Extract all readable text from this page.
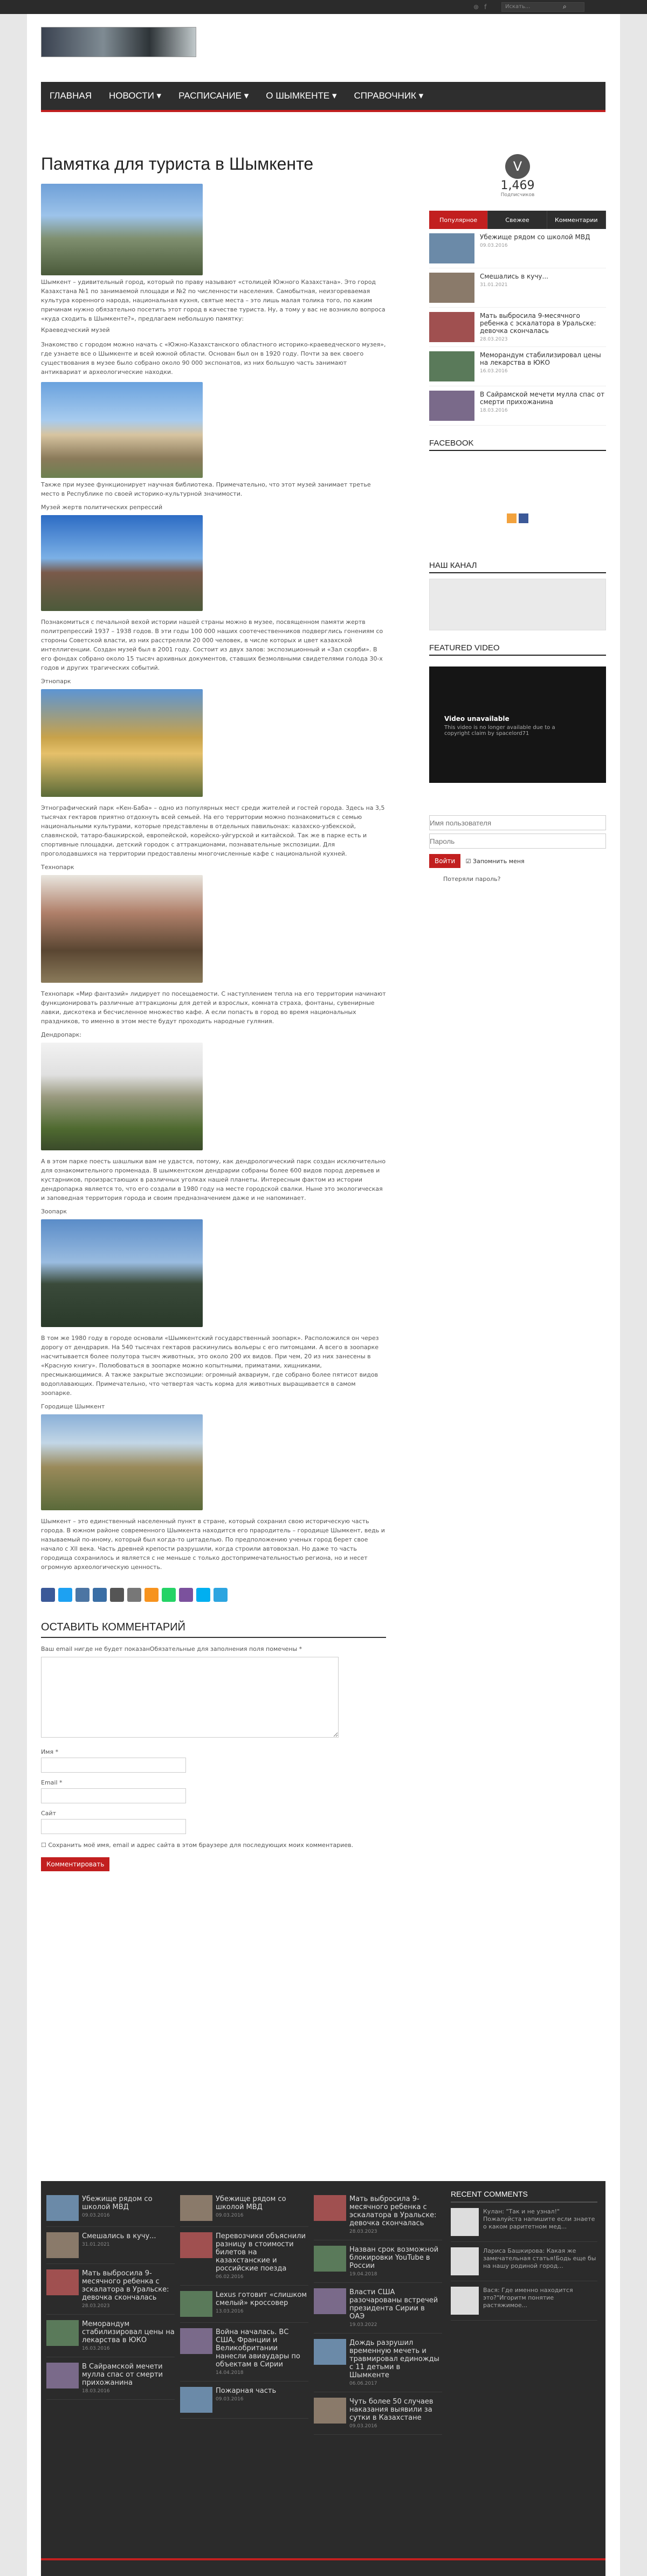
⊛ f	Искать...	⌕
ГЛАВНАЯ	НОВОСТИ ▾	РАСПИСАНИЕ ▾	О ШЫМКЕНТЕ ▾	СПРАВОЧНИК ▾
Памятка для туриста в Шымкенте

Шымкент – удивительный город, который по праву называют «столицей Южного Казахстана». Это город Казахстана №1 по занимаемой площади и №2 по численности населения. Самобытная, неизгореваемая культура коренного народа, национальная кухня, святые места – это лишь малая толика того, по каким причинам нужно обязательно посетить этот город в качестве туриста. Ну, а тому у вас не возникло вопроса «куда сходить в Шымкенте?», предлагаем небольшую памятку:

Краеведческий музей

Знакомство с городом можно начать с «Южно-Казахстанского областного историко-краеведческого музея», где узнаете все о Шымкенте и всей южной области. Основан был он в 1920 году. Почти за век своего существования в музее было собрано около 90 000 экспонатов, из них большую часть занимают антиквариат и археологические находки.

Также при музее функционирует научная библиотека. Примечательно, что этот музей занимает третье место в Республике по своей историко-культурной значимости.

Музей жертв политических репрессий

Познакомиться с печальной вехой истории нашей страны можно в музее, посвященном памяти жертв политрепрессий 1937 – 1938 годов. В эти годы 100 000 наших соотечественников подверглись гонениям со стороны Советской власти, из них расстреляли 20 000 человек, в числе которых и цвет казахской интеллигенции. Создан музей был в 2001 году. Состоит из двух залов: экспозиционный и «Зал скорби». В его фондах собрано около 15 тысяч архивных документов, ставших безмолвными свидетелями голода 30-х годов и других трагических событий.

Этнопарк

Этнографический парк «Кен-Баба» – одно из популярных мест среди жителей и гостей города. Здесь на 3,5 тысячах гектаров приятно отдохнуть всей семьей. На его территории можно познакомиться с семью национальными культурами, которые представлены в отдельных павильонах: казахско-узбекской, славянской, татаро-башкирской, европейской, корейско-уйгурской и китайской. Так же в парке есть и спортивные площадки, детский городок с аттракционами, познавательные экспозиции. Для проголодавшихся на территории предоставлены многочисленные кафе с национальной кухней.

Технопарк

Технопарк «Мир фантазий» лидирует по посещаемости. С наступлением тепла на его территории начинают функционировать различные аттракционы для детей и взрослых, комната страха, фонтаны, сувенирные лавки, дискотека и бесчисленное множество кафе. А если попасть в город во время национальных праздников, то именно в этом месте будут проходить народные гуляния.

Дендропарк:

А в этом парке поесть шашлыки вам не удастся, потому, как дендрологический парк создан исключительно для ознакомительного променада. В шымкентском дендрарии собраны более 600 видов пород деревьев и кустарников, произрастающих в различных уголках нашей планеты. Интересным фактом из истории дендропарка является то, что его создали в 1980 году на месте городской свалки. Ныне это экологическая и заповедная территория города и своим предназначением даже и не напоминает.

Зоопарк

В том же 1980 году в городе основали «Шымкентский государственный зоопарк». Расположился он через дорогу от дендрария. На 540 тысячах гектаров раскинулись вольеры с его питомцами. А всего в зоопарке насчитывается более полутора тысяч животных, это около 200 их видов. При чем, 20 из них занесены в «Красную книгу». Полюбоваться в зоопарке можно копытными, приматами, хищниками, пресмыкающимися. А также закрытые экспозиции: огромный аквариум, где собрано более пятисот видов водоплавающих. Примечательно, что четвертая часть корма для животных выращивается в самом зоопарке.

Городище Шымкент

Шымкент – это единственный населенный пункт в стране, который сохранил свою историческую часть города. В южном районе современного Шымкента находится его прародитель – городище Шымкент, ведь и называемый по-иному, который был когда-то цитаделью. По предположению ученых город берет свое начало с XII века. Часть древней крепости разрушили, когда строили автовокзал. Но даже то часть городища сохранилось и является с не меньше с только достопримечательностью региона, но и несет огромную археологическую ценность.

ОСТАВИТЬ КОММЕНТАРИЙ

Ваш email нигде не будет показанОбязательные для заполнения поля помечены *

Имя *

Email *

Сайт

☐ Сохранить моё имя, email и адрес сайта в этом браузере для последующих моих комментариев.

Комментировать
V
1,469
Подписчиков
Популярное	Свежее	Комментарии
Убежище рядом со школой МВД
09.03.2016
Смешались в кучу...
31.01.2021
Мать выбросила 9-месячного ребенка с эскалатора в Уральске: девочка скончалась
28.03.2023
Меморандум стабилизировал цены на лекарства в ЮКО
16.03.2016
В Сайрамской мечети мулла спас от смерти прихожанина
18.03.2016
FACEBOOK
НАШ КАНАЛ
FEATURED VIDEO
Video unavailable
This video is no longer available due to a copyright claim by spacelord71
Имя пользователя
Пароль Войти ☑ Запомнить меня

Потеряли пароль?

Убежище рядом со школой МВД
09.03.2016
Смешались в кучу...
31.01.2021
Мать выбросила 9-месячного ребенка с эскалатора в Уральске: девочка скончалась
28.03.2023
Меморандум стабилизировал цены на лекарства в ЮКО
16.03.2016
В Сайрамской мечети мулла спас от смерти прихожанина
18.03.2016
Убежище рядом со школой МВД
09.03.2016
Перевозчики объяснили разницу в стоимости билетов на казахстанские и российские поезда
06.02.2016
Lexus готовит «слишком смелый» кроссовер
13.03.2016
Война началась. ВС США, Франции и Великобритании нанесли авиаудары по объектам в Сирии
14.04.2018
Пожарная часть
09.03.2016
Мать выбросила 9-месячного ребенка с эскалатора в Уральске: девочка скончалась
28.03.2023
Назван срок возможной блокировки YouTube в России
19.04.2018
Власти США разочарованы встречей президента Сирии в ОАЭ
19.03.2022
Дождь разрушил временную мечеть и травмировал единожды с 11 детьми в Шымкенте
06.06.2017
Чуть более 50 случаев наказания выявили за сутки в Казахстане
09.03.2016
RECENT COMMENTS
Кулан: "Так и не узнал!" Пожалуйста напишите если знаете о каком раритетном мед...
Лариса Башкирова: Какая же замечательная статья!Бодь еще бы на нашу родиной город...
Вася: Где именно находится это?"Игоритм понятие растяжимое...
